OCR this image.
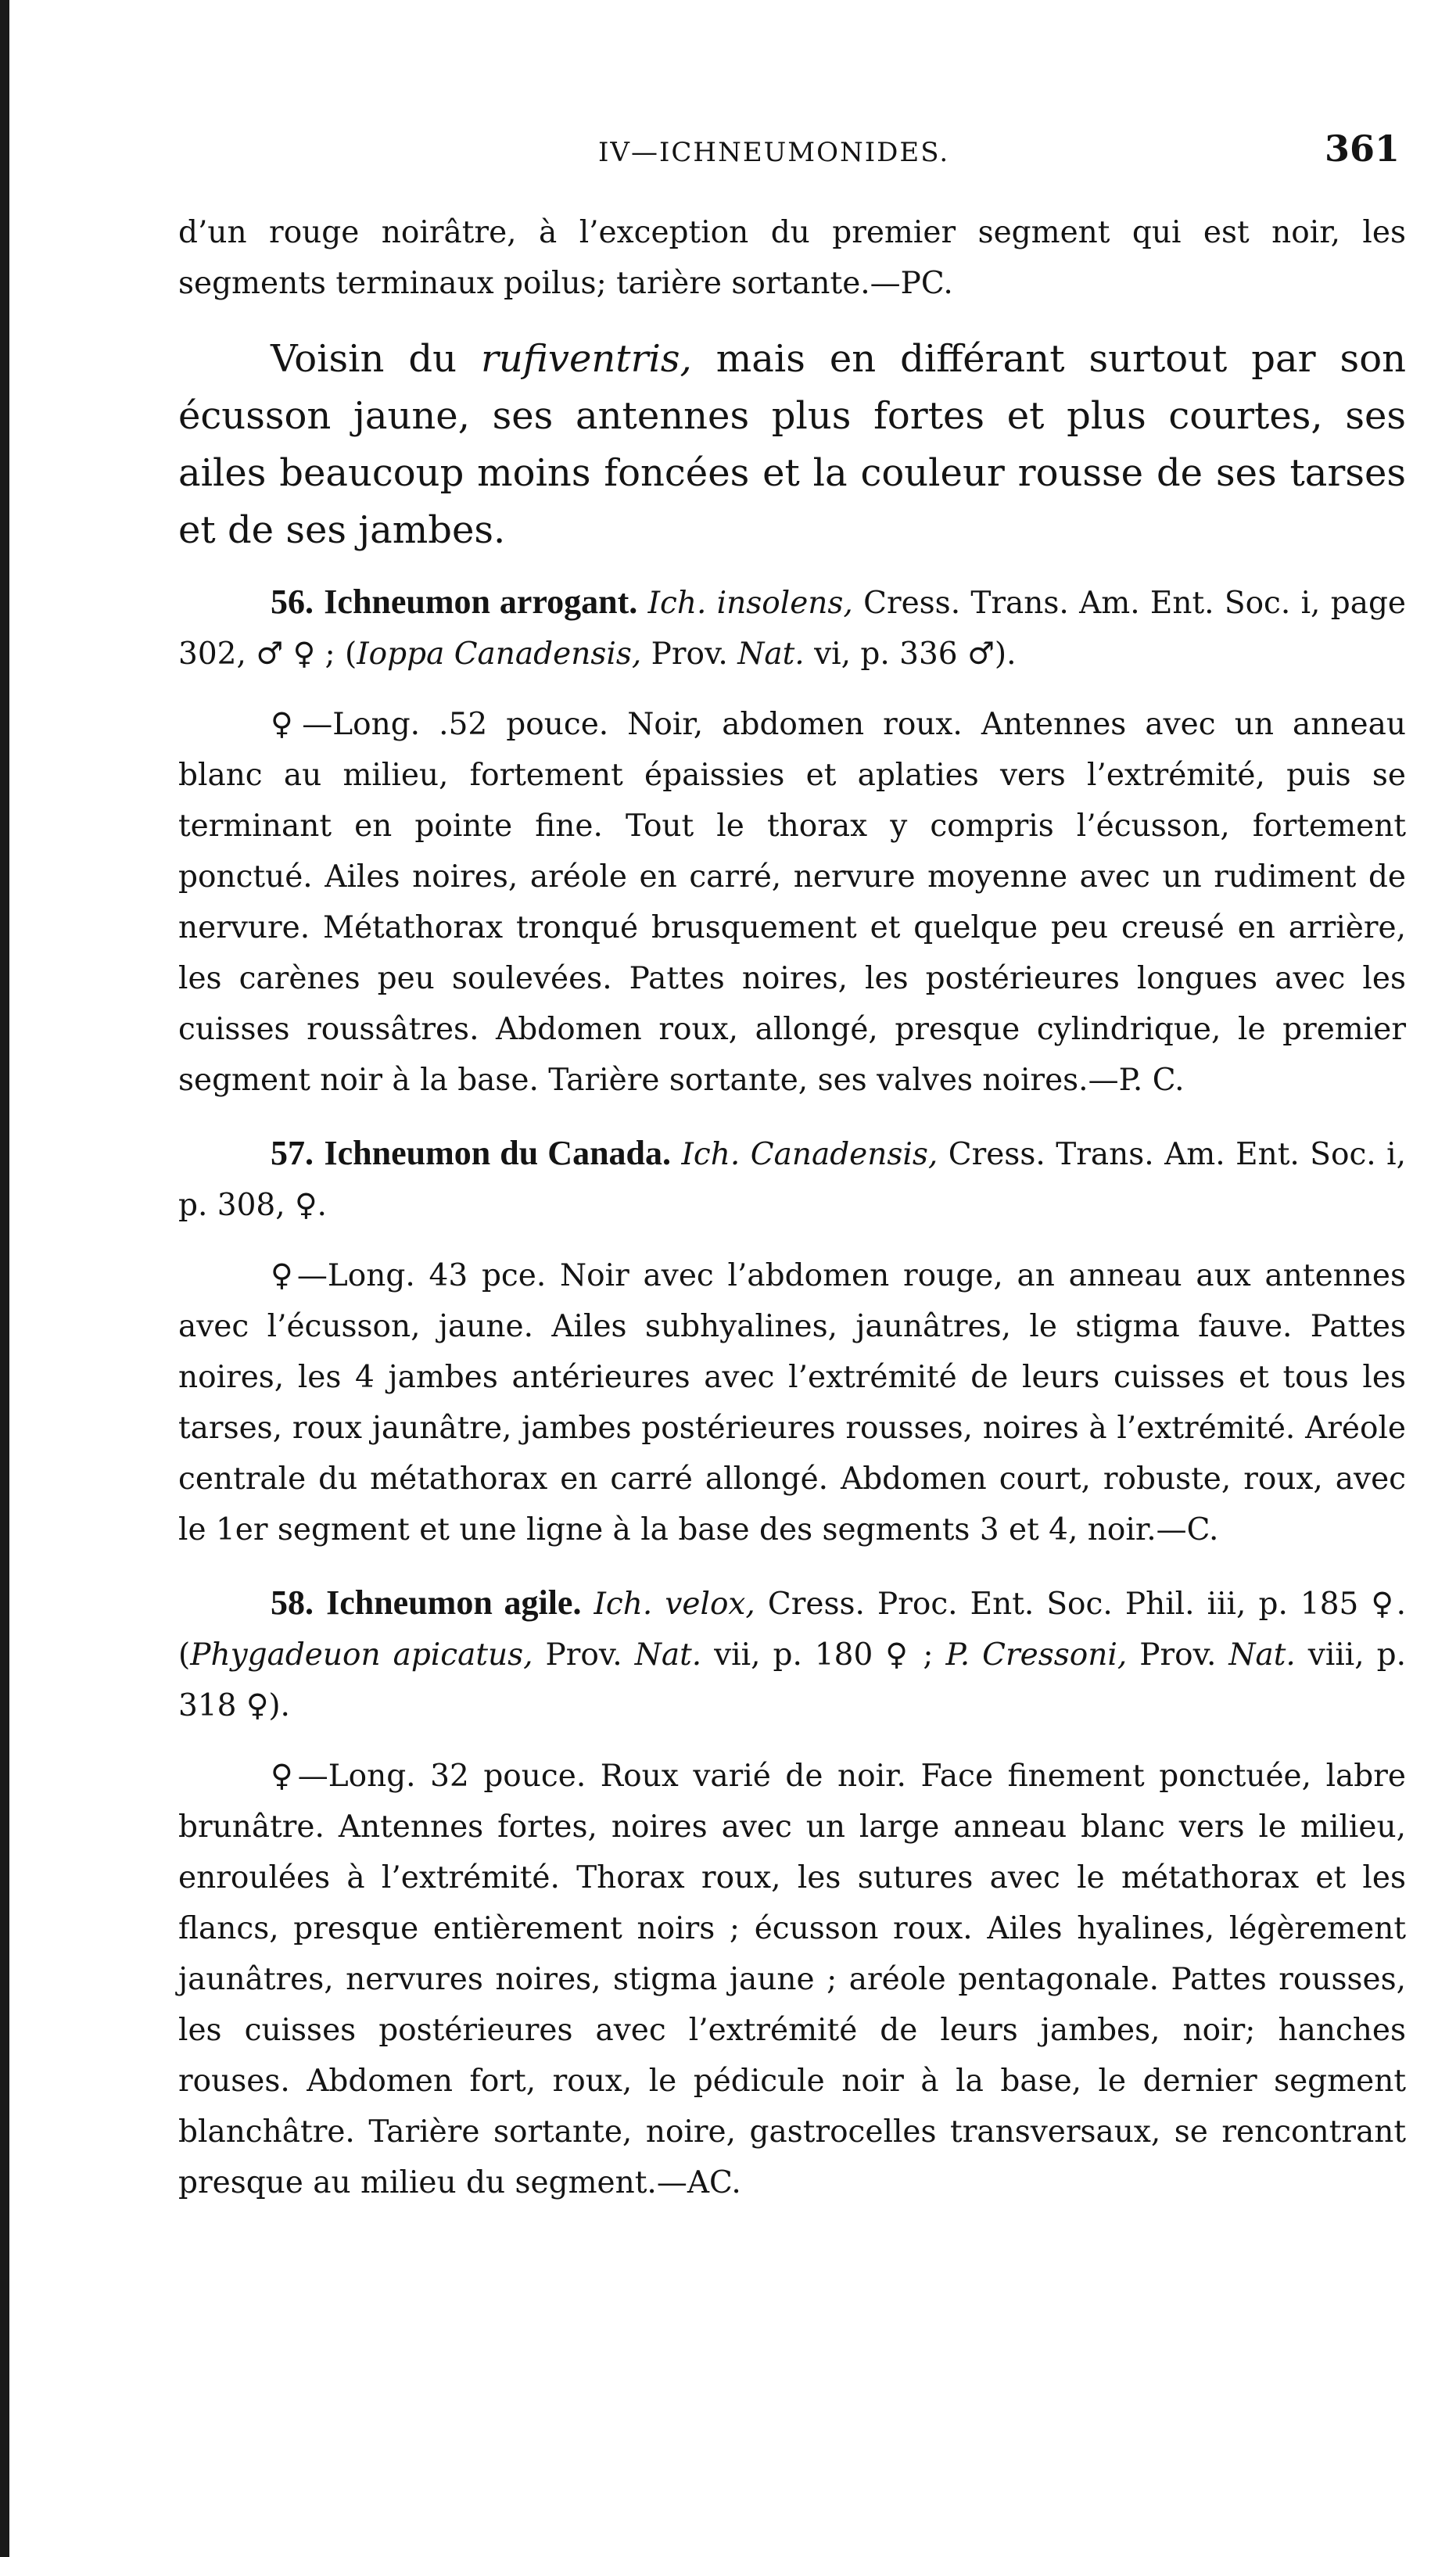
IV—ICHNEUMONIDES.	361

d’un rouge noirâtre, à l’exception du premier segment qui est noir, les segments terminaux poilus; tarière sortante.—PC.

Voisin du rufiventris, mais en différant surtout par son écusson jaune, ses antennes plus fortes et plus courtes, ses ailes beaucoup moins foncées et la couleur rousse de ses tarses et de ses jambes.

56. Ichneumon arrogant. Ich. insolens, Cress. Trans. Am. Ent. Soc. i, page 302, ♂ ♀ ; (Ioppa Canadensis, Prov. Nat. vi, p. 336 ♂).

♀—Long. .52 pouce. Noir, abdomen roux. Antennes avec un anneau blanc au milieu, fortement épaissies et aplaties vers l’extrémité, puis se terminant en pointe fine. Tout le thorax y compris l’écusson, fortement ponctué. Ailes noires, aréole en carré, nervure moyenne avec un rudiment de nervure. Métathorax tronqué brusquement et quelque peu creusé en arrière, les carènes peu soulevées. Pattes noires, les postérieures longues avec les cuisses roussâtres. Abdomen roux, allongé, presque cylindrique, le premier segment noir à la base. Tarière sortante, ses valves noires.—P. C.

57. Ichneumon du Canada. Ich. Canadensis, Cress. Trans. Am. Ent. Soc. i, p. 308, ♀.

♀—Long. 43 pce. Noir avec l’abdomen rouge, an anneau aux antennes avec l’écusson, jaune. Ailes subhyalines, jaunâtres, le stigma fauve. Pattes noires, les 4 jambes antérieures avec l’extrémité de leurs cuisses et tous les tarses, roux jaunâtre, jambes postérieures rousses, noires à l’extrémité. Aréole centrale du métathorax en carré allongé. Abdomen court, robuste, roux, avec le 1er segment et une ligne à la base des segments 3 et 4, noir.—C.

58. Ichneumon agile. Ich. velox, Cress. Proc. Ent. Soc. Phil. iii, p. 185 ♀. (Phygadeuon apicatus, Prov. Nat. vii, p. 180 ♀ ; P. Cressoni, Prov. Nat. viii, p. 318 ♀).

♀—Long. 32 pouce. Roux varié de noir. Face finement ponctuée, labre brunâtre. Antennes fortes, noires avec un large anneau blanc vers le milieu, enroulées à l’extrémité. Thorax roux, les sutures avec le métathorax et les flancs, presque entièrement noirs ; écusson roux. Ailes hyalines, légèrement jaunâtres, nervures noires, stigma jaune ; aréole pentagonale. Pattes rousses, les cuisses postérieures avec l’extrémité de leurs jambes, noir; hanches rouses. Abdomen fort, roux, le pédicule noir à la base, le dernier segment blanchâtre. Tarière sortante, noire, gastrocelles transversaux, se rencontrant presque au milieu du segment.—AC.
